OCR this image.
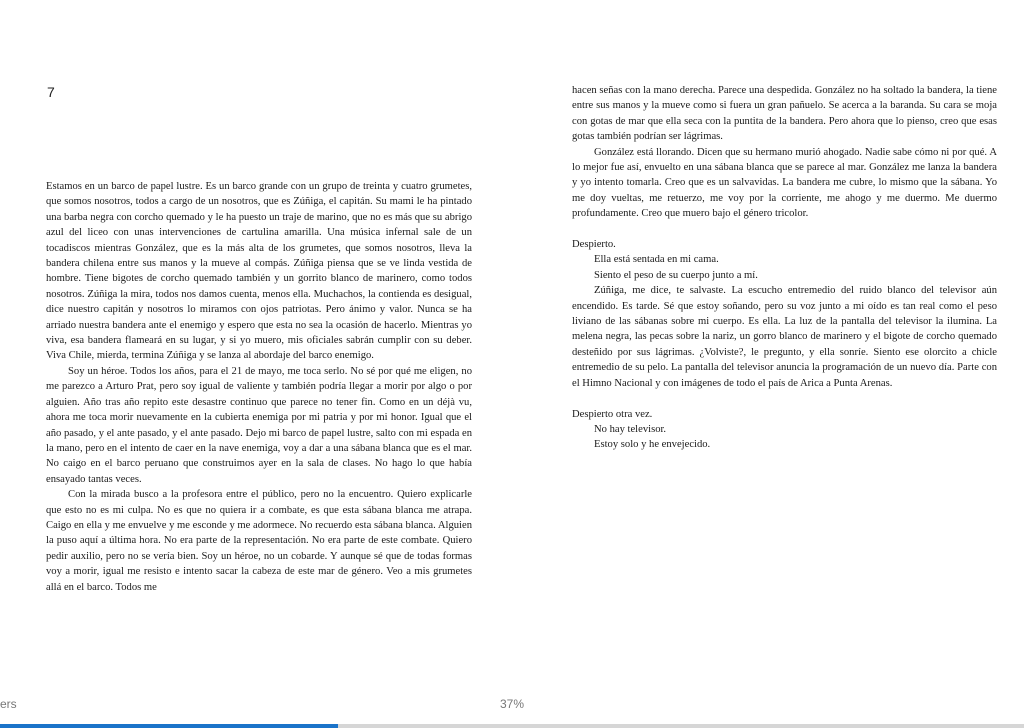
7

Estamos en un barco de papel lustre. Es un barco grande con un grupo de treinta y cuatro grumetes, que somos nosotros, todos a cargo de un nosotros, que es Zúñiga, el capitán. Su mami le ha pintado una barba negra con corcho quemado y le ha puesto un traje de marino, que no es más que su abrigo azul del liceo con unas intervenciones de cartulina amarilla. Una música infernal sale de un tocadiscos mientras González, que es la más alta de los grumetes, que somos nosotros, lleva la bandera chilena entre sus manos y la mueve al compás. Zúñiga piensa que se ve linda vestida de hombre. Tiene bigotes de corcho quemado también y un gorrito blanco de marinero, como todos nosotros. Zúñiga la mira, todos nos damos cuenta, menos ella. Muchachos, la contienda es desigual, dice nuestro capitán y nosotros lo miramos con ojos patriotas. Pero ánimo y valor. Nunca se ha arriado nuestra bandera ante el enemigo y espero que esta no sea la ocasión de hacerlo. Mientras yo viva, esa bandera flameará en su lugar, y si yo muero, mis oficiales sabrán cumplir con su deber. Viva Chile, mierda, termina Zúñiga y se lanza al abordaje del barco enemigo.

Soy un héroe. Todos los años, para el 21 de mayo, me toca serlo. No sé por qué me eligen, no me parezco a Arturo Prat, pero soy igual de valiente y también podría llegar a morir por algo o por alguien. Año tras año repito este desastre continuo que parece no tener fin. Como en un déjà vu, ahora me toca morir nuevamente en la cubierta enemiga por mi patria y por mi honor. Igual que el año pasado, y el ante pasado, y el ante pasado. Dejo mi barco de papel lustre, salto con mi espada en la mano, pero en el intento de caer en la nave enemiga, voy a dar a una sábana blanca que es el mar. No caigo en el barco peruano que construimos ayer en la sala de clases. No hago lo que había ensayado tantas veces.

Con la mirada busco a la profesora entre el público, pero no la encuentro. Quiero explicarle que esto no es mi culpa. No es que no quiera ir a combate, es que esta sábana blanca me atrapa. Caigo en ella y me envuelve y me esconde y me adormece. No recuerdo esta sábana blanca. Alguien la puso aquí a última hora. No era parte de la representación. No era parte de este combate. Quiero pedir auxilio, pero no se vería bien. Soy un héroe, no un cobarde. Y aunque sé que de todas formas voy a morir, igual me resisto e intento sacar la cabeza de este mar de género. Veo a mis grumetes allá en el barco. Todos me

hacen señas con la mano derecha. Parece una despedida. González no ha soltado la bandera, la tiene entre sus manos y la mueve como si fuera un gran pañuelo. Se acerca a la baranda. Su cara se moja con gotas de mar que ella seca con la puntita de la bandera. Pero ahora que lo pienso, creo que esas gotas también podrían ser lágrimas.

González está llorando. Dicen que su hermano murió ahogado. Nadie sabe cómo ni por qué. A lo mejor fue así, envuelto en una sábana blanca que se parece al mar. González me lanza la bandera y yo intento tomarla. Creo que es un salvavidas. La bandera me cubre, lo mismo que la sábana. Yo me doy vueltas, me retuerzo, me voy por la corriente, me ahogo y me duermo. Me duermo profundamente. Creo que muero bajo el género tricolor.

Despierto.

Ella está sentada en mi cama.

Siento el peso de su cuerpo junto a mí.

Zúñiga, me dice, te salvaste. La escucho entremedio del ruido blanco del televisor aún encendido. Es tarde. Sé que estoy soñando, pero su voz junto a mi oído es tan real como el peso liviano de las sábanas sobre mi cuerpo. Es ella. La luz de la pantalla del televisor la ilumina. La melena negra, las pecas sobre la nariz, un gorro blanco de marinero y el bigote de corcho quemado desteñido por sus lágrimas. ¿Volviste?, le pregunto, y ella sonríe. Siento ese olorcito a chicle entremedio de su pelo. La pantalla del televisor anuncia la programación de un nuevo día. Parte con el Himno Nacional y con imágenes de todo el país de Arica a Punta Arenas.

Despierto otra vez.

No hay televisor.

Estoy solo y he envejecido.

ers	37%
